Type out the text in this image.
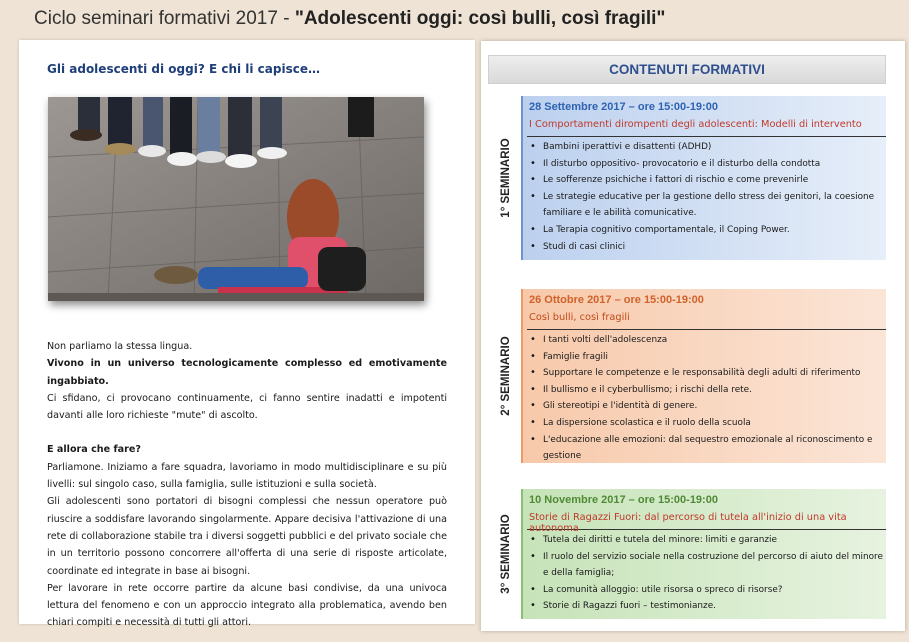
Ciclo seminari formativi 2017 - "Adolescenti oggi: così bulli, così fragili"
Gli adolescenti di oggi? E chi li capisce…

Non parliamo la stessa lingua.

Vivono in un universo tecnologicamente complesso ed emotivamente ingabbiato.

Ci sfidano, ci provocano continuamente, ci fanno sentire inadatti e impotenti davanti alle loro richieste "mute" di ascolto.

E allora che fare?

Parliamone. Iniziamo a fare squadra, lavoriamo in modo multidisciplinare e su più livelli: sul singolo caso, sulla famiglia, sulle istituzioni e sulla società.

Gli adolescenti sono portatori di bisogni complessi che nessun operatore può riuscire a soddisfare lavorando singolarmente. Appare decisiva l'attivazione di una rete di collaborazione stabile tra i diversi soggetti pubblici e del privato sociale che in un territorio possono concorrere all'offerta di una serie di risposte articolate, coordinate ed integrate in base ai bisogni.

Per lavorare in rete occorre partire da alcune basi condivise, da una univoca lettura del fenomeno e con un approccio integrato alla problematica, avendo ben chiari compiti e necessità di tutti gli attori.

CONTENUTI FORMATIVI
1° SEMINARIO
28 Settembre 2017 – ore 15:00-19:00
I Comportamenti dirompenti degli adolescenti: Modelli di intervento
• Bambini iperattivi e disattenti (ADHD)
• Il disturbo oppositivo- provocatorio e il disturbo della condotta
• Le sofferenze psichiche i fattori di rischio e come prevenirle
• Le strategie educative per la gestione dello stress dei genitori, la coesione familiare e le abilità comunicative.
• La Terapia cognitivo comportamentale, il Coping Power.
• Studi di casi clinici
2° SEMINARIO
26 Ottobre 2017 – ore 15:00-19:00
Così bulli, così fragili
• I tanti volti dell'adolescenza
• Famiglie fragili
• Supportare le competenze e le responsabilità degli adulti di riferimento
• Il bullismo e il cyberbullismo; i rischi della rete.
• Gli stereotipi e l'identità di genere.
• La dispersione scolastica e il ruolo della scuola
• L'educazione alle emozioni: dal sequestro emozionale al riconoscimento e gestione
3° SEMINARIO
10 Novembre 2017 – ore 15:00-19:00
Storie di Ragazzi Fuori: dal percorso di tutela all'inizio di una vita autonoma
• Tutela dei diritti e tutela del minore: limiti e garanzie
• Il ruolo del servizio sociale nella costruzione del percorso di aiuto del minore e della famiglia;
• La comunità alloggio: utile risorsa o spreco di risorse?
• Storie di Ragazzi fuori – testimonianze.
